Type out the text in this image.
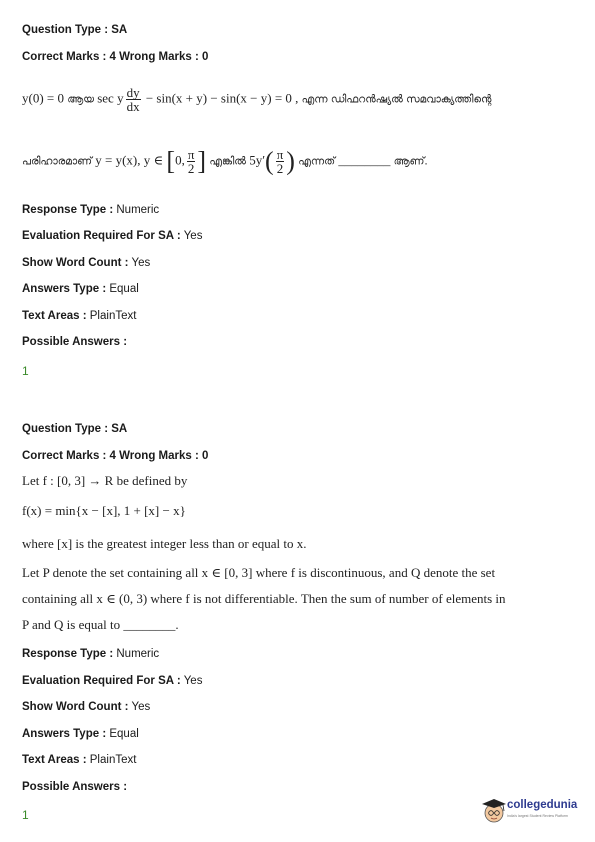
Question Type : SA
Correct Marks : 4 Wrong Marks : 0
y(0) = 0 ആയ sec y $\frac{dy}{dx} - \sin(x + y) - \sin(x - y) = 0$ , എന്ന ഡിഫറൻഷ്യൽ സമവാക്യത്തിന്റെ
പരിഹാരമാണ് y = y(x), y ∈ [0, $\frac{\pi}{2}$ ] എങ്കിൽ $5y'( \frac{\pi}{2}$ ) എന്നത് ________ ആണ്.
Response Type : Numeric
Evaluation Required For SA : Yes
Show Word Count : Yes
Answers Type : Equal
Text Areas : PlainText
Possible Answers :
1
Question Type : SA
Correct Marks : 4 Wrong Marks : 0
Let f : [0, 3] → R be defined by
f(x) = min{x − [x], 1 + [x] − x}
where [x] is the greatest integer less than or equal to x.
Let P denote the set containing all x ∈ [0, 3] where f is discontinuous, and Q denote the set
containing all x ∈ (0, 3) where f is not differentiable. Then the sum of number of elements in
P and Q is equal to ________.
Response Type : Numeric
Evaluation Required For SA : Yes
Show Word Count : Yes
Answers Type : Equal
Text Areas : PlainText
Possible Answers :
1
collegedunia
India's largest Student Review Platform
